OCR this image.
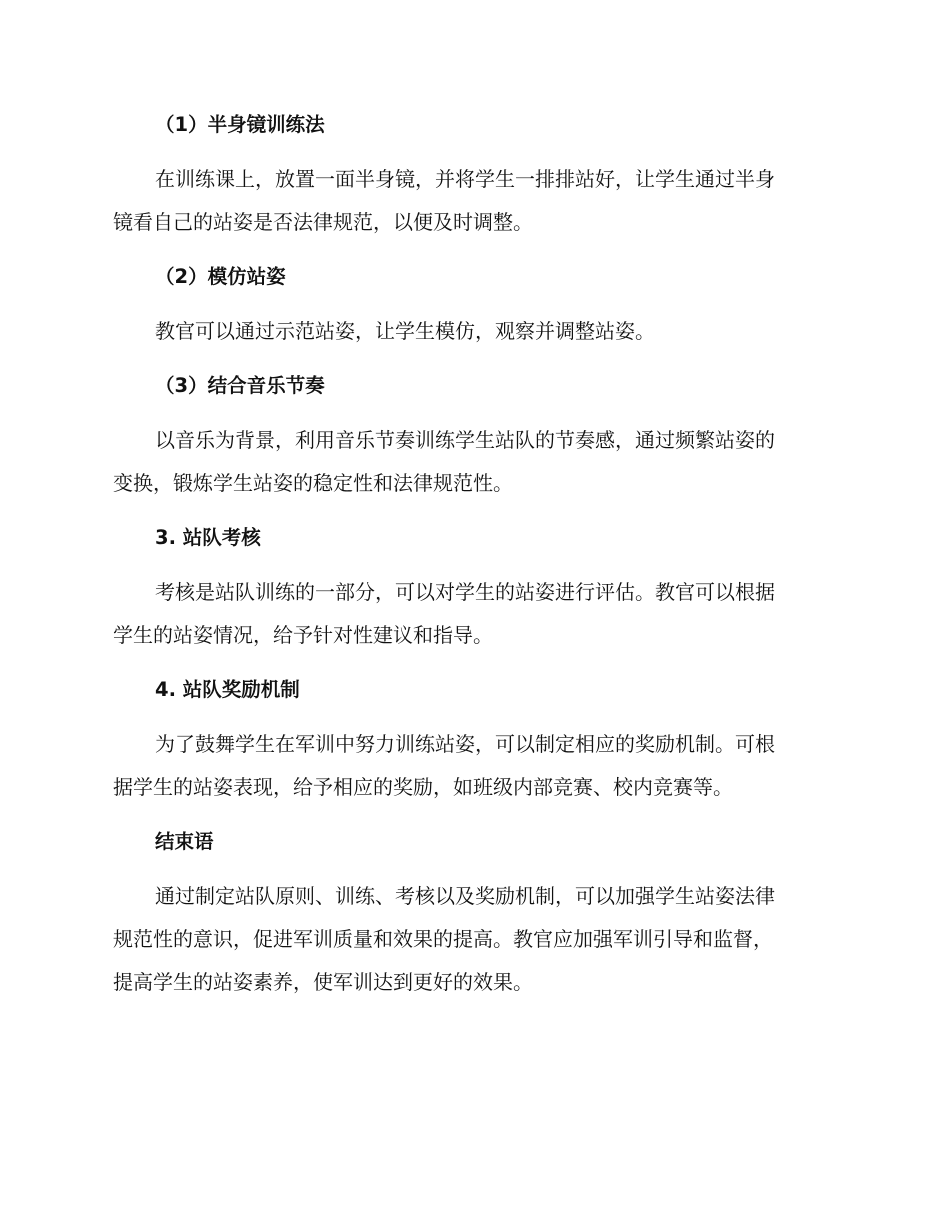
（1）半身镜训练法
在训练课上，放置一面半身镜，并将学生一排排站好，让学生通过半身
镜看自己的站姿是否法律规范，以便及时调整。
（2）模仿站姿
教官可以通过示范站姿，让学生模仿，观察并调整站姿。
（3）结合音乐节奏
以音乐为背景，利用音乐节奏训练学生站队的节奏感，通过频繁站姿的
变换，锻炼学生站姿的稳定性和法律规范性。
3. 站队考核
考核是站队训练的一部分，可以对学生的站姿进行评估。教官可以根据
学生的站姿情况，给予针对性建议和指导。
4. 站队奖励机制
为了鼓舞学生在军训中努力训练站姿，可以制定相应的奖励机制。可根
据学生的站姿表现，给予相应的奖励，如班级内部竞赛、校内竞赛等。
结束语
通过制定站队原则、训练、考核以及奖励机制，可以加强学生站姿法律
规范性的意识，促进军训质量和效果的提高。教官应加强军训引导和监督，
提高学生的站姿素养，使军训达到更好的效果。
